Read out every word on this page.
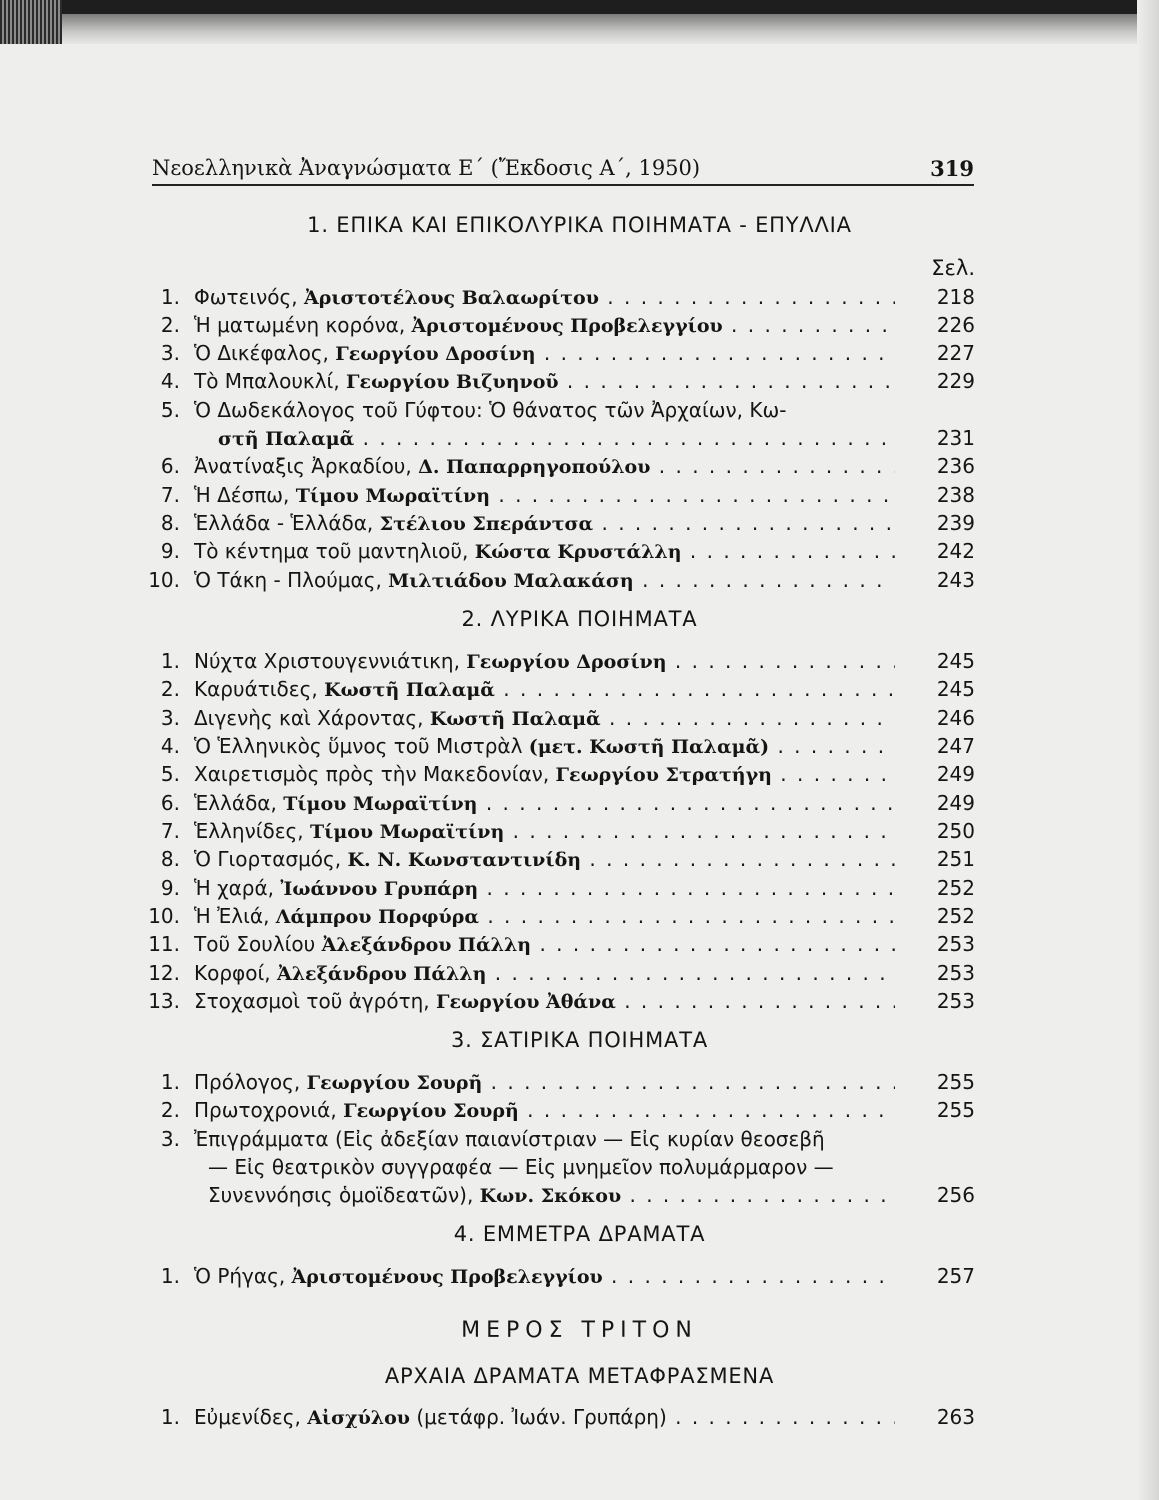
Νεοελληνικὰ Ἀναγνώσματα Ε΄ (Ἔκδοσις Α΄, 1950)	319
1. ΕΠΙΚΑ ΚΑΙ ΕΠΙΚΟΛΥΡΙΚΑ ΠΟΙΗΜΑΤΑ - ΕΠΥΛΛΙΑ
Σελ.
1. Φωτεινός, Ἀριστοτέλους Βαλαωρίτου . . .	218
2. Ἡ ματωμένη κορόνα, Ἀριστομένους Προβελεγγίου . . .	226
3. Ὁ Δικέφαλος, Γεωργίου Δροσίνη . . .	227
4. Τὸ Μπαλουκλί, Γεωργίου Βιζυηνοῦ . . .	229
5. Ὁ Δωδεκάλογος τοῦ Γύφτου: Ὁ θάνατος τῶν Ἀρχαίων, Κω-
στῆ Παλαμᾶ . . .	231
6. Ἀνατίναξις Ἀρκαδίου, Δ. Παπαρρηγοπούλου . . .	236
7. Ἡ Δέσπω, Τίμου Μωραϊτίνη . . .	238
8. Ἑλλάδα - Ἑλλάδα, Στέλιου Σπεράντσα . . .	239
9. Τὸ κέντημα τοῦ μαντηλιοῦ, Κώστα Κρυστάλλη . . .	242
10. Ὁ Τάκη - Πλούμας, Μιλτιάδου Μαλακάση . . .	243
2. ΛΥΡΙΚΑ ΠΟΙΗΜΑΤΑ
1. Νύχτα Χριστουγεννιάτικη, Γεωργίου Δροσίνη . . .	245
2. Καρυάτιδες, Κωστῆ Παλαμᾶ . . .	245
3. Διγενὴς καὶ Χάροντας, Κωστῆ Παλαμᾶ . . .	246
4. Ὁ Ἑλληνικὸς ὕμνος τοῦ Μιστρὰλ (μετ. Κωστῆ Παλαμᾶ) . . .	247
5. Χαιρετισμὸς πρὸς τὴν Μακεδονίαν, Γεωργίου Στρατήγη . . .	249
6. Ἑλλάδα, Τίμου Μωραϊτίνη . . .	249
7. Ἑλληνίδες, Τίμου Μωραϊτίνη . . .	250
8. Ὁ Γιορτασμός, Κ. Ν. Κωνσταντινίδη . . .	251
9. Ἡ χαρά, Ἰωάννου Γρυπάρη . . .	252
10. Ἡ Ἐλιά, Λάμπρου Πορφύρα . . .	252
11. Τοῦ Σουλίου Ἀλεξάνδρου Πάλλη . . .	253
12. Κορφοί, Ἀλεξάνδρου Πάλλη . . .	253
13. Στοχασμοὶ τοῦ ἀγρότη, Γεωργίου Ἀθάνα . . .	253
3. ΣΑΤΙΡΙΚΑ ΠΟΙΗΜΑΤΑ
1. Πρόλογος, Γεωργίου Σουρῆ . . .	255
2. Πρωτοχρονιά, Γεωργίου Σουρῆ . . .	255
3. Ἐπιγράμματα (Εἰς ἀδεξίαν παιανίστριαν — Εἰς κυρίαν θεοσεβῆ
— Εἰς θεατρικὸν συγγραφέα — Εἰς μνημεῖον πολυμάρμαρον —
Συνεννόησις ὁμοϊδεατῶν), Κων. Σκόκου . . .	256
4. ΕΜΜΕΤΡΑ ΔΡΑΜΑΤΑ
1. Ὁ Ρήγας, Ἀριστομένους Προβελεγγίου . . .	257
ΜΕΡΟΣ ΤΡΙΤΟΝ
ΑΡΧΑΙΑ ΔΡΑΜΑΤΑ ΜΕΤΑΦΡΑΣΜΕΝΑ
1. Εὐμενίδες, Αἰσχύλου (μετάφρ. Ἰωάν. Γρυπάρη) . . .	263
